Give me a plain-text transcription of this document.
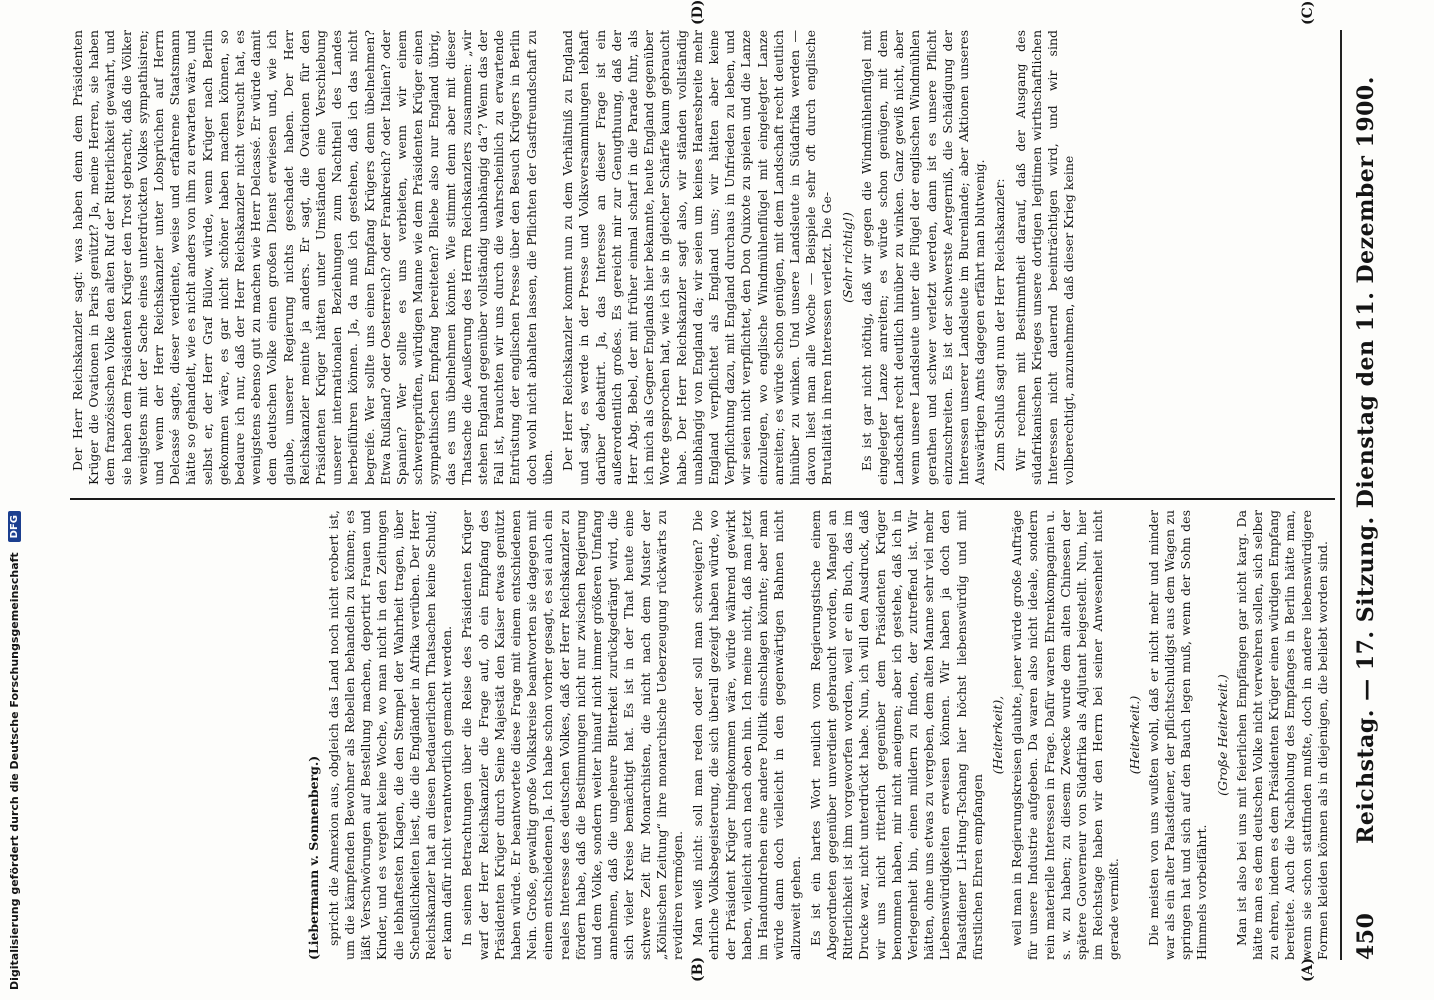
Digitalisierung gefördert durch die Deutsche Forschungsgemeinschaft
DFG
450
Reichstag. — 17. Sitzung. Dienstag den 11. Dezember 1900.
(A)
(B)
(C)
(D)

(Liebermann v. Sonnenberg.) spricht die Annexion aus, obgleich das Land noch nicht erobert ist, um die kämpfenden Bewohner als Rebellen behandeln zu können; es läßt Verschwörungen auf Bestellung machen, deportirt Frauen und Kinder, und es vergeht keine Woche, wo man nicht in den Zeitungen die lebhaftesten Klagen, die den Stempel der Wahrheit tragen, über Scheußlichkeiten liest, die die Engländer in Afrika verüben. Der Herr Reichskanzler hat an diesen bedauerlichen Thatsachen keine Schuld; er kann dafür nicht verantwortlich gemacht werden. In seinen Betrachtungen über die Reise des Präsidenten Krüger warf der Herr Reichskanzler die Frage auf, ob ein Empfang des Präsidenten Krüger durch Seine Majestät den Kaiser etwas genützt haben würde. Er beantwortete diese Frage mit einem entschiedenen Nein. Große, gewaltig große Volkskreise beantworten sie dagegen mit einem entschiedenen Ja. Ich habe schon vorher gesagt, es sei auch ein reales Interesse des deutschen Volkes, daß der Herr Reichskanzler zu fördern habe, daß die Bestimmungen nicht nur zwischen Regierung und dem Volke, sondern weiter hinauf nicht immer größeren Umfang annehmen, daß die ungeheure Bitterkeit zurückgedrängt wird, die sich vieler Kreise bemächtigt hat. Es ist in der That heute eine schwere Zeit für Monarchisten, die nicht nach dem Muster der „Kölnischen Zeitung“ ihre monarchische Ueberzeugung rückwärts zu revidiren vermögen. Man weiß nicht: soll man reden oder soll man schweigen? Die ehrliche Volksbegeisterung, die sich überall gezeigt haben würde, wo der Präsident Krüger hingekommen wäre, würde während gewirkt haben, vielleicht auch nach oben hin. Ich meine nicht, daß man jetzt im Handumdrehen eine andere Politik einschlagen könnte; aber man würde dann doch vielleicht in den gegenwärtigen Bahnen nicht allzuweit gehen. Es ist ein hartes Wort neulich vom Regierungstische einem Abgeordneten gegenüber unverdient gebraucht worden, Mangel an Ritterlichkeit ist ihm vorgeworfen worden, weil er ein Buch, das im Drucke war, nicht unterdrückt habe. Nun, ich will den Ausdruck, daß wir uns nicht ritterlich gegenüber dem Präsidenten Krüger benommen haben, mir nicht aneignen; aber ich gestehe, daß ich in Verlegenheit bin, einen mildern zu finden, der zutreffend ist. Wir hätten, ohne uns etwas zu vergeben, dem alten Manne sehr viel mehr Liebenswürdigkeiten erweisen können. Wir haben ja doch den Palastdiener Li-Hung-Tschang hier höchst liebenswürdig und mit fürstlichen Ehren empfangen

(Heiterkeit), weil man in Regierungskreisen glaubte, jener würde große Aufträge für unsere Industrie aufgeben. Da waren also nicht ideale, sondern rein materielle Interessen in Frage. Dafür waren Ehrenkompagnien u. s. w. zu haben; zu diesem Zwecke wurde dem alten Chinesen der spätere Gouverneur von Südafrika als Adjutant beigestellt. Nun, hier im Reichstage haben wir den Herrn bei seiner Anwesenheit nicht gerade vermißt.

(Heiterkeit.) Die meisten von uns wußten wohl, daß er nicht mehr und minder war als ein alter Palastdiener, der pflichtschuldigst aus dem Wagen zu springen hat und sich auf den Bauch legen muß, wenn der Sohn des Himmels vorbeifährt.

(Große Heiterkeit.) Man ist also bei uns mit feierlichen Empfängen gar nicht karg. Da hätte man es dem deutschen Volke nicht verwehren sollen, sich selber zu ehren, indem es dem Präsidenten Krüger einen würdigen Empfang bereitete. Auch die Nachholung des Empfanges in Berlin hätte man, wenn sie schon stattfinden mußte, doch in andere liebenswürdigere Formen kleiden können als in diejenigen, die beliebt worden sind.

Der Herr Reichskanzler sagt: was haben denn dem Präsidenten Krüger die Ovationen in Paris genützt? Ja, meine Herren, sie haben dem französischen Volke den alten Ruf der Ritterlichkeit gewahrt, und sie haben dem Präsidenten Krüger den Trost gebracht, daß die Völker wenigstens mit der Sache eines unterdrückten Volkes sympathisiren; und wenn der Herr Reichskanzler unter Lobsprüchen auf Herrn Delcassé sagte, dieser verdiente, weise und erfahrene Staatsmann hätte so gehandelt, wie es nicht anders von ihm zu erwarten wäre, und selbst er, der Herr Graf Bülow, würde, wenn Krüger nach Berlin gekommen wäre, es gar nicht schöner haben machen können, so bedaure ich nur, daß der Herr Reichskanzler nicht versucht hat, es wenigstens ebenso gut zu machen wie Herr Delcassé. Er würde damit dem deutschen Volke einen großen Dienst erwiesen und, wie ich glaube, unserer Regierung nichts geschadet haben. Der Herr Reichskanzler meinte ja anders. Er sagt, die Ovationen für den Präsidenten Krüger hätten unter Umständen eine Verschiebung unserer internationalen Beziehungen zum Nachtheil des Landes herbeiführen können. Ja, da muß ich gestehen, daß ich das nicht begreife. Wer sollte uns einen Empfang Krügers denn übelnehmen? Etwa Rußland? oder Oesterreich? oder Frankreich? oder Italien? oder Spanien? Wer sollte es uns verbieten, wenn wir einem schwergeprüften, würdigen Manne wie dem Präsidenten Krüger einen sympathischen Empfang bereiteten? Bliebe also nur England übrig, das es uns übelnehmen könnte. Wie stimmt denn aber mit dieser Thatsache die Aeußerung des Herrn Reichskanzlers zusammen: „wir stehen England gegenüber vollständig unabhängig da“? Wenn das der Fall ist, brauchten wir uns durch die wahrscheinlich zu erwartende Entrüstung der englischen Presse über den Besuch Krügers in Berlin doch wohl nicht abhalten lassen, die Pflichten der Gastfreundschaft zu üben. Der Herr Reichskanzler kommt nun zu dem Verhältniß zu England und sagt, es werde in der Presse und Volksversammlungen lebhaft darüber debattirt. Ja, das Interesse an dieser Frage ist ein außerordentlich großes. Es gereicht mir zur Genugthuung, daß der Herr Abg. Bebel, der mit früher einmal scharf in die Parade fuhr, als ich mich als Gegner Englands hier bekannte, heute England gegenüber Worte gesprochen hat, wie ich sie in gleicher Schärfe kaum gebraucht habe. Der Herr Reichskanzler sagt also, wir ständen vollständig unabhängig von England da; wir seien um keines Haaresbreite mehr England verpflichtet als England uns; wir hätten aber keine Verpflichtung dazu, mit England durchaus in Unfrieden zu leben, und wir seien nicht verpflichtet, den Don Quixote zu spielen und die Lanze einzulegen, wo englische Windmühlenflügel mit eingelegter Lanze anreiten; es würde schon genügen, mit dem Landschaft recht deutlich hinüber zu winken. Und unsere Landsleute in Südafrika werden — davon liest man alle Woche — Beispiele sehr oft durch englische Brutalität in ihren Interessen verletzt. Die Ge- (Sehr richtig!) Es ist gar nicht nöthig, daß wir gegen die Windmühlenflügel mit eingelegter Lanze anreiten; es würde schon genügen, mit dem Landschaft recht deutlich hinüber zu winken. Ganz gewiß nicht, aber wenn unsere Landsleute unter die Flügel der englischen Windmühlen gerathen und schwer verletzt werden, dann ist es unsere Pflicht einzuschreiten. Es ist der schwerste Aergerniß, die Schädigung der Interessen unserer Landsleute im Burenlande; aber Aktionen unseres Auswärtigen Amts dagegen erfährt man blutwenig. Zum Schluß sagt nun der Herr Reichskanzler: Wir rechnen mit Bestimmtheit darauf, daß der Ausgang des südafrikanischen Krieges unsere dortigen legitimen wirthschaftlichen Interessen nicht dauernd beeinträchtigen wird, und wir sind vollberechtigt, anzunehmen, daß dieser Krieg keine
